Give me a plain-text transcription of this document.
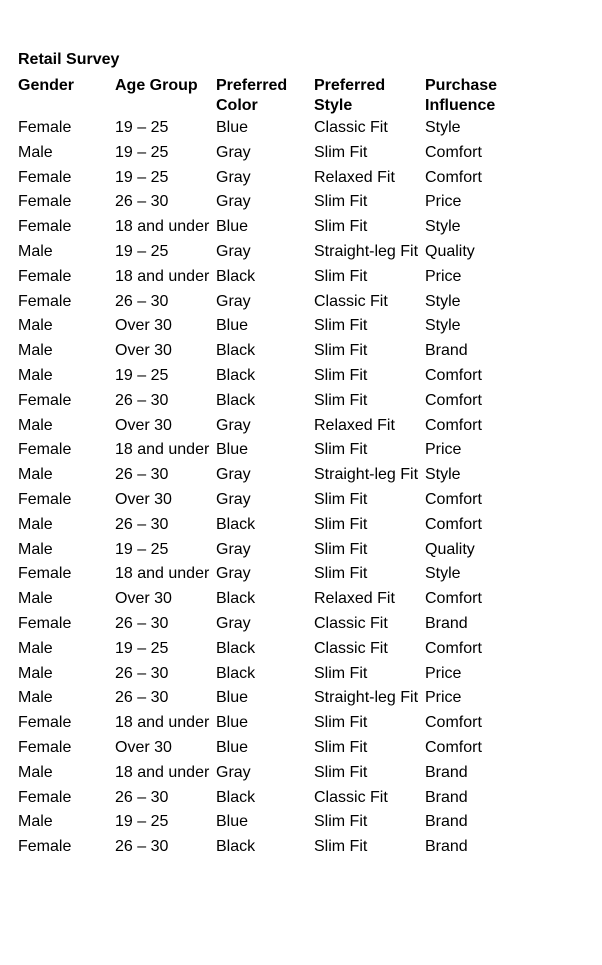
Retail Survey
Gender	Age Group	Preferred Color	Preferred Style	Purchase Influence
Female	19 – 25	Blue	Classic Fit	Style
Male	19 – 25	Gray	Slim Fit	Comfort
Female	19 – 25	Gray	Relaxed Fit	Comfort
Female	26 – 30	Gray	Slim Fit	Price
Female	18 and under	Blue	Slim Fit	Style
Male	19 – 25	Gray	Straight-leg Fit	Quality
Female	18 and under	Black	Slim Fit	Price
Female	26 – 30	Gray	Classic Fit	Style
Male	Over 30	Blue	Slim Fit	Style
Male	Over 30	Black	Slim Fit	Brand
Male	19 – 25	Black	Slim Fit	Comfort
Female	26 – 30	Black	Slim Fit	Comfort
Male	Over 30	Gray	Relaxed Fit	Comfort
Female	18 and under	Blue	Slim Fit	Price
Male	26 – 30	Gray	Straight-leg Fit	Style
Female	Over 30	Gray	Slim Fit	Comfort
Male	26 – 30	Black	Slim Fit	Comfort
Male	19 – 25	Gray	Slim Fit	Quality
Female	18 and under	Gray	Slim Fit	Style
Male	Over 30	Black	Relaxed Fit	Comfort
Female	26 – 30	Gray	Classic Fit	Brand
Male	19 – 25	Black	Classic Fit	Comfort
Male	26 – 30	Black	Slim Fit	Price
Male	26 – 30	Blue	Straight-leg Fit	Price
Female	18 and under	Blue	Slim Fit	Comfort
Female	Over 30	Blue	Slim Fit	Comfort
Male	18 and under	Gray	Slim Fit	Brand
Female	26 – 30	Black	Classic Fit	Brand
Male	19 – 25	Blue	Slim Fit	Brand
Female	26 – 30	Black	Slim Fit	Brand
